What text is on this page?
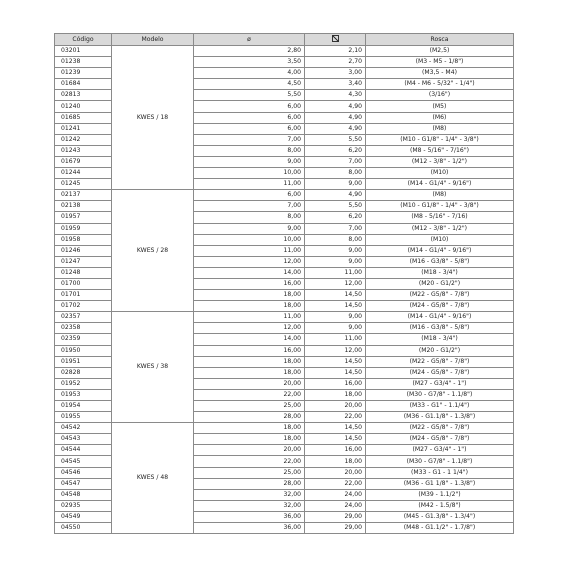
Código	Modelo	ø		Rosca
03201	KWES / 18	2,80	2,10	(M2,5)
01238		3,50	2,70	(M3 - M5 - 1/8")
01239		4,00	3,00	(M3,5 - M4)
01684		4,50	3,40	(M4 - M6 - 5/32" - 1/4")
02813		5,50	4,30	(3/16")
01240		6,00	4,90	(M5)
01685		6,00	4,90	(M6)
01241		6,00	4,90	(M8)
01242		7,00	5,50	(M10 - G1/8" - 1/4" - 3/8")
01243		8,00	6,20	(M8 - 5/16" - 7/16")
01679		9,00	7,00	(M12 - 3/8" - 1/2")
01244		10,00	8,00	(M10)
01245		11,00	9,00	(M14 - G1/4" - 9/16")
02137	KWES / 28	6,00	4,90	(M8)
02138		7,00	5,50	(M10 - G1/8" - 1/4" - 3/8")
01957		8,00	6,20	(M8 - 5/16" - 7/16)
01959		9,00	7,00	(M12 - 3/8" - 1/2")
01958		10,00	8,00	(M10)
01246		11,00	9,00	(M14 - G1/4" - 9/16")
01247		12,00	9,00	(M16 - G3/8" - 5/8")
01248		14,00	11,00	(M18 - 3/4")
01700		16,00	12,00	(M20 - G1/2")
01701		18,00	14,50	(M22 - G5/8" - 7/8")
01702		18,00	14,50	(M24 - G5/8" - 7/8")
02357	KWES / 38	11,00	9,00	(M14 - G1/4" - 9/16")
02358		12,00	9,00	(M16 - G3/8" - 5/8")
02359		14,00	11,00	(M18 - 3/4")
01950		16,00	12,00	(M20 - G1/2")
01951		18,00	14,50	(M22 - G5/8" - 7/8")
02828		18,00	14,50	(M24 - G5/8" - 7/8")
01952		20,00	16,00	(M27 - G3/4" - 1")
01953		22,00	18,00	(M30 - G7/8" - 1.1/8")
01954		25,00	20,00	(M33 - G1" - 1.1/4")
01955		28,00	22,00	(M36 - G1.1/8" - 1.3/8")
04542	KWES / 48	18,00	14,50	(M22 - G5/8" - 7/8")
04543		18,00	14,50	(M24 - G5/8" - 7/8")
04544		20,00	16,00	(M27 - G3/4" - 1")
04545		22,00	18,00	(M30 - G7/8" - 1.1/8")
04546		25,00	20,00	(M33 - G1 - 1 1/4")
04547		28,00	22,00	(M36 - G1 1/8" - 1.3/8")
04548		32,00	24,00	(M39 - 1.1/2")
02935		32,00	24,00	(M42 - 1.5/8")
04549		36,00	29,00	(M45 - G1.3/8" - 1.3/4")
04550		36,00	29,00	(M48 - G1.1/2" - 1.7/8")
